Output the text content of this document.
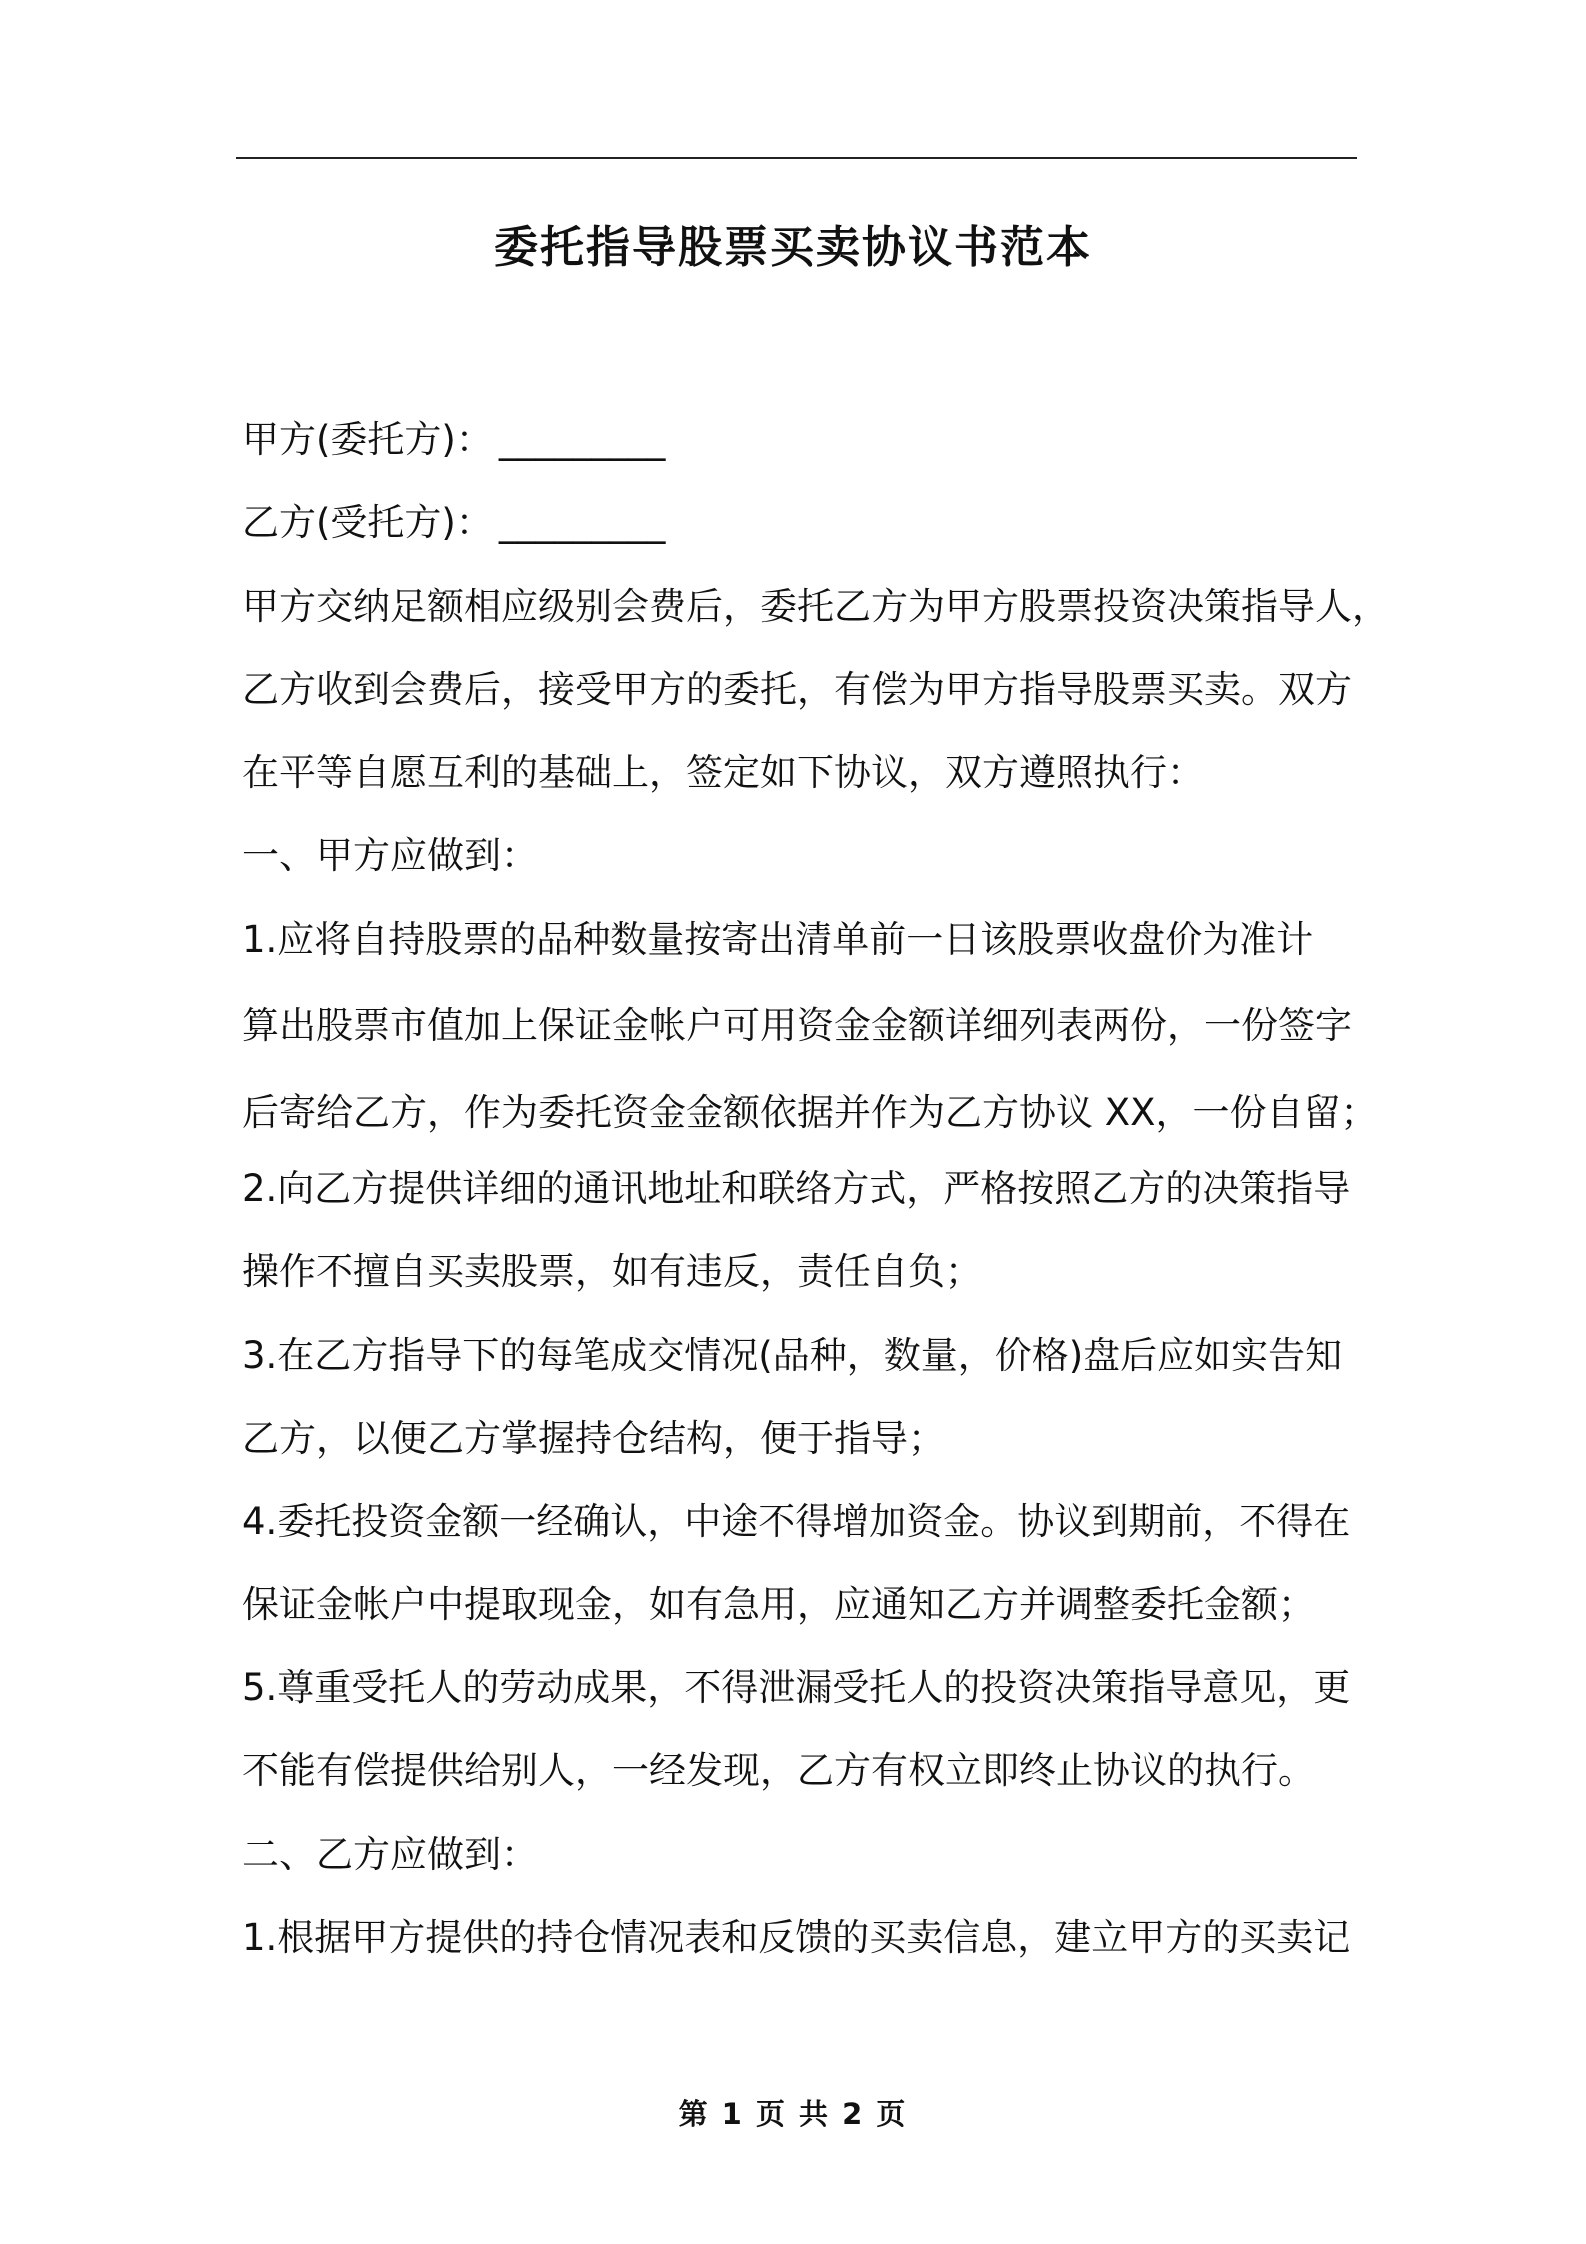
委托指导股票买卖协议书范本
甲方(委托方)： _________
乙方(受托方)： _________
甲方交纳足额相应级别会费后，委托乙方为甲方股票投资决策指导人，
乙方收到会费后，接受甲方的委托，有偿为甲方指导股票买卖。双方
在平等自愿互利的基础上，签定如下协议，双方遵照执行：
一、甲方应做到：
1.应将自持股票的品种数量按寄出清单前一日该股票收盘价为准计
算出股票市值加上保证金帐户可用资金金额详细列表两份，一份签字
后寄给乙方，作为委托资金金额依据并作为乙方协议 XX，一份自留；
2.向乙方提供详细的通讯地址和联络方式，严格按照乙方的决策指导
操作不擅自买卖股票，如有违反，责任自负；
3.在乙方指导下的每笔成交情况(品种，数量，价格)盘后应如实告知
乙方，以便乙方掌握持仓结构，便于指导；
4.委托投资金额一经确认，中途不得增加资金。协议到期前，不得在
保证金帐户中提取现金，如有急用，应通知乙方并调整委托金额；
5.尊重受托人的劳动成果，不得泄漏受托人的投资决策指导意见，更
不能有偿提供给别人，一经发现，乙方有权立即终止协议的执行。
二、乙方应做到：
1.根据甲方提供的持仓情况表和反馈的买卖信息，建立甲方的买卖记
第 1 页 共 2 页
